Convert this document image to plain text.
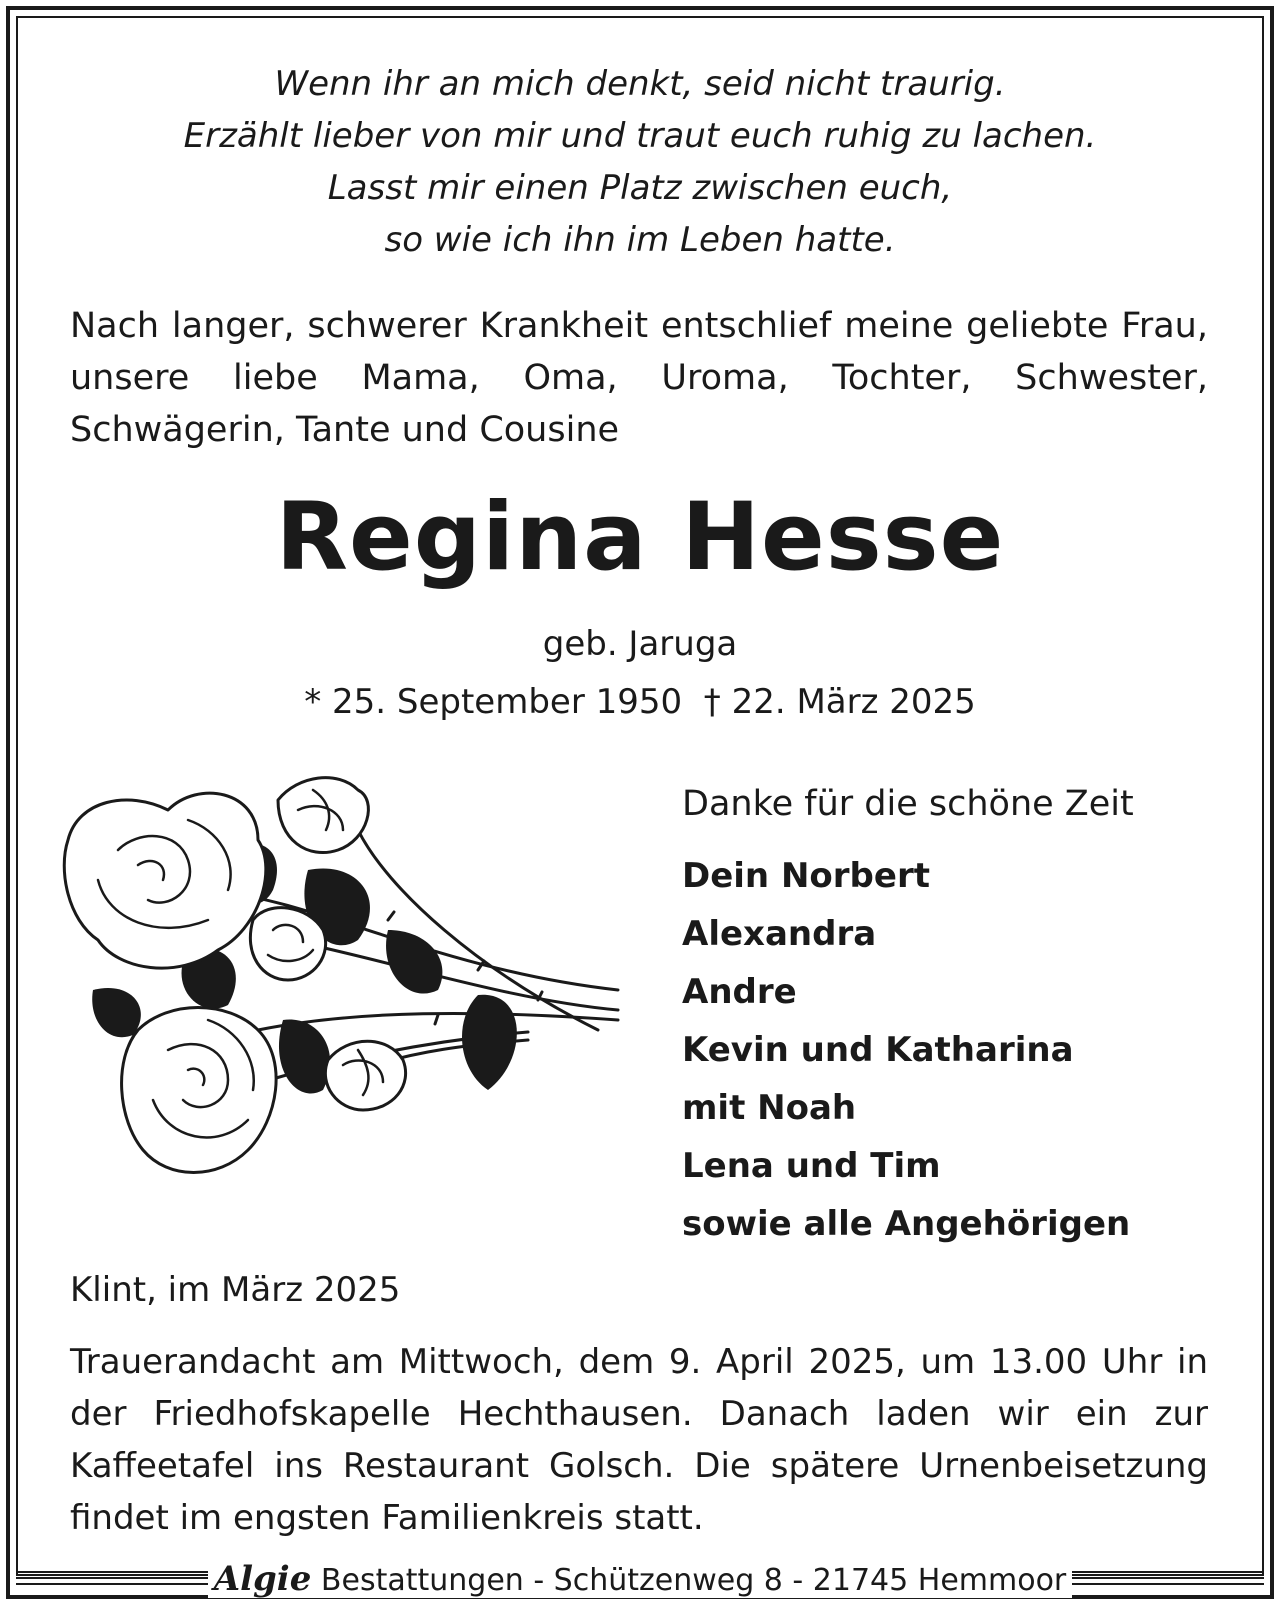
Wenn ihr an mich denkt, seid nicht traurig.
Erzählt lieber von mir und traut euch ruhig zu lachen.
Lasst mir einen Platz zwischen euch,
so wie ich ihn im Leben hatte.
Nach langer, schwerer Krankheit entschlief meine geliebte Frau, unsere liebe Mama, Oma, Uroma, Tochter, Schwester, Schwägerin, Tante und Cousine
Regina Hesse
geb. Jaruga
* 25. September 1950 † 22. März 2025
Danke für die schöne Zeit
Dein Norbert
Alexandra
Andre
Kevin und Katharina
mit Noah
Lena und Tim
sowie alle Angehörigen
Klint, im März 2025
Trauerandacht am Mittwoch, dem 9. April 2025, um 13.00 Uhr in der Friedhofskapelle Hechthausen. Danach laden wir ein zur Kaffeetafel ins Restaurant Golsch. Die spätere Urnenbeisetzung findet im engsten Familienkreis statt.
Algie Bestattungen - Schützenweg 8 - 21745 Hemmoor
